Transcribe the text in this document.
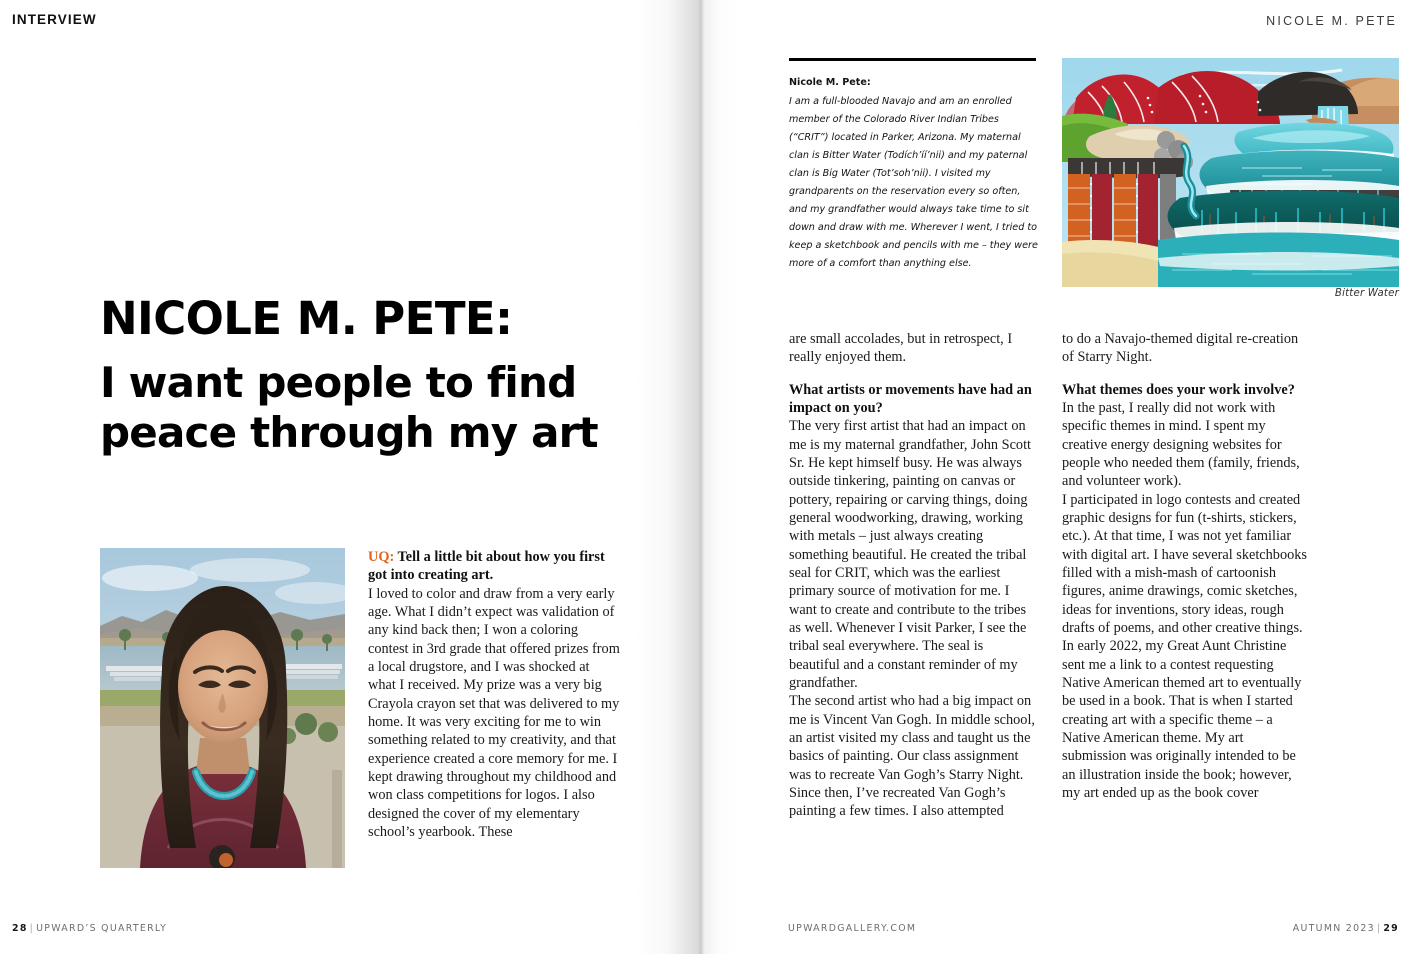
INTERVIEW
NICOLE M. PETE:
I want people to find peace through my art

UQ: Tell a little bit about how you first got into creating art.

I loved to color and draw from a very early age. What I didn’t expect was validation of any kind back then; I won a coloring contest in 3rd grade that offered prizes from a local drugstore, and I was shocked at what I received. My prize was a very big Crayola crayon set that was delivered to my home. It was very exciting for me to win something related to my creativity, and that experience created a core memory for me. I kept drawing throughout my childhood and won class competitions for logos. I also designed the cover of my elementary school’s yearbook. These

28 | UPWARD’S QUARTERLY
NICOLE M. PETE
Nicole M. Pete:
I am a full-blooded Navajo and am an enrolled member of the Colorado River Indian Tribes (“CRIT”) located in Parker, Arizona. My maternal clan is Bitter Water (Todích’íí’nii) and my paternal clan is Big Water (Tot’soh’nii). I visited my grandparents on the reservation every so often, and my grandfather would always take time to sit down and draw with me. Wherever I went, I tried to keep a sketchbook and pencils with me – they were more of a comfort than anything else.
Bitter Water

are small accolades, but in retrospect, I really enjoyed them.

What artists or movements have had an impact on you?

The very first artist that had an impact on me is my maternal grandfather, John Scott Sr. He kept himself busy. He was always outside tinkering, painting on canvas or pottery, repairing or carving things, doing general woodworking, drawing, working with metals – just always creating something beautiful. He created the tribal seal for CRIT, which was the earliest primary source of motivation for me. I want to create and contribute to the tribes as well. Whenever I visit Parker, I see the tribal seal everywhere. The seal is beautiful and a constant reminder of my grandfather.

The second artist who had a big impact on me is Vincent Van Gogh. In middle school, an artist visited my class and taught us the basics of painting. Our class assignment was to recreate Van Gogh’s Starry Night. Since then, I’ve recreated Van Gogh’s painting a few times. I also attempted

to do a Navajo-themed digital re-creation of Starry Night.

What themes does your work involve?

In the past, I really did not work with specific themes in mind. I spent my creative energy designing websites for people who needed them (family, friends, and volunteer work).

I participated in logo contests and created graphic designs for fun (t-shirts, stickers, etc.). At that time, I was not yet familiar with digital art. I have several sketchbooks filled with a mish-mash of cartoonish figures, anime drawings, comic sketches, ideas for inventions, story ideas, rough drafts of poems, and other creative things.

In early 2022, my Great Aunt Christine sent me a link to a contest requesting Native American themed art to eventually be used in a book. That is when I started creating art with a specific theme – a Native American theme. My art submission was originally intended to be an illustration inside the book; however, my art ended up as the book cover

UPWARDGALLERY.COM	AUTUMN 2023 | 29
